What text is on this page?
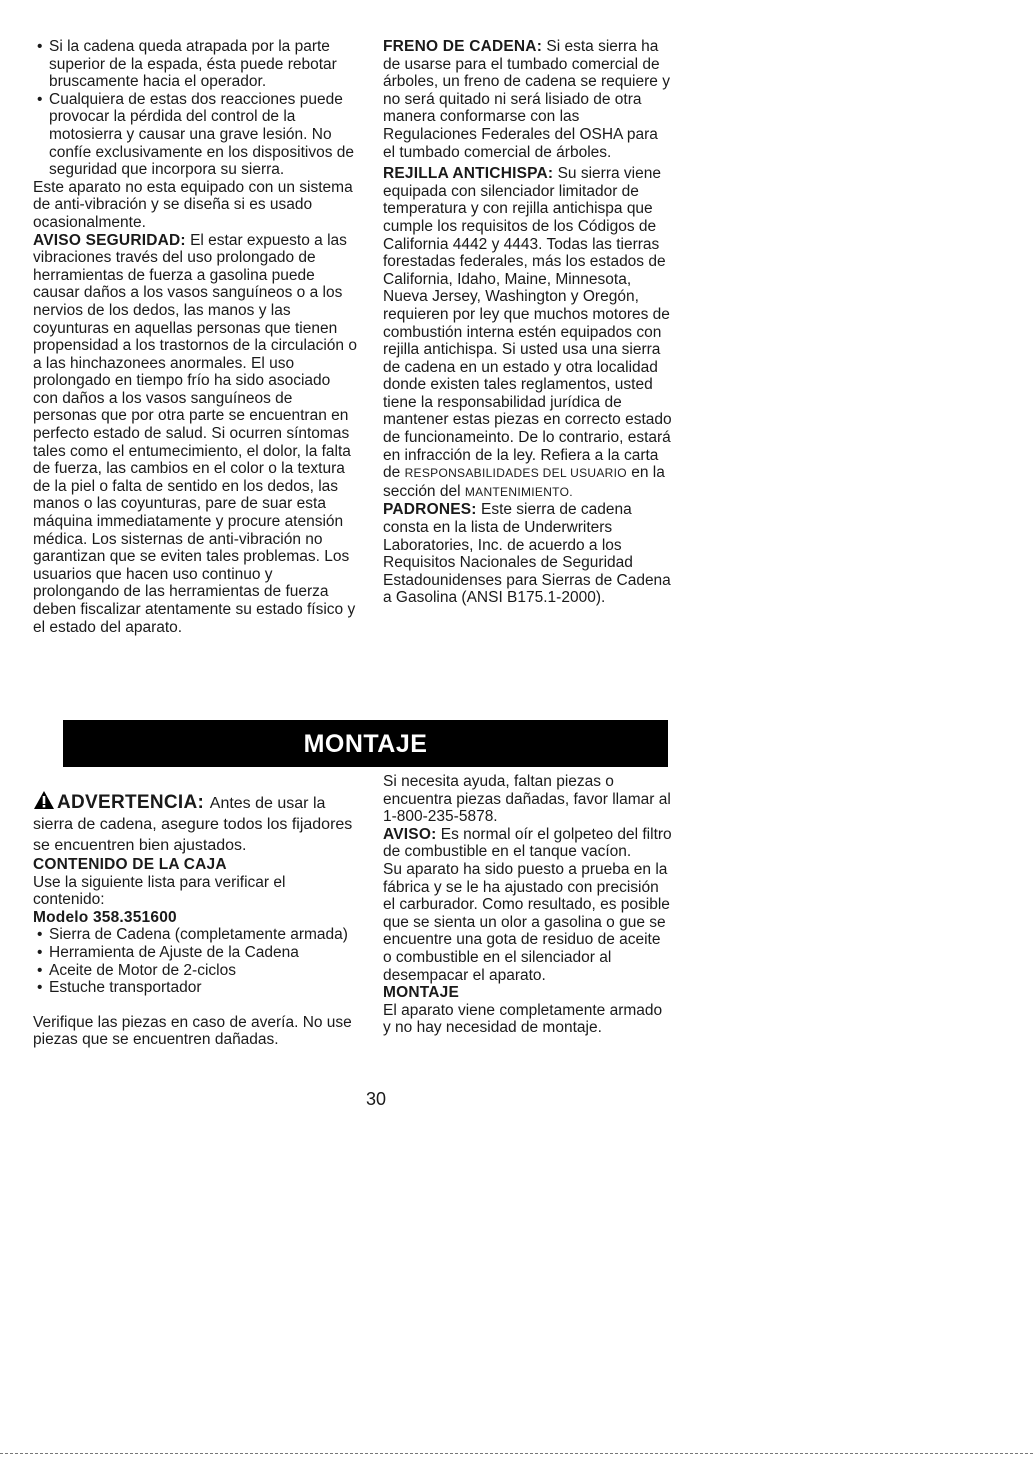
• Si la cadena queda atrapada por la parte superior de la espada, ésta puede rebotar bruscamente hacia el operador.

• Cualquiera de estas dos reacciones puede provocar la pérdida del control de la motosierra y causar una grave lesión. No confíe exclusivamente en los dispositivos de seguridad que incorpora su sierra.

Este aparato no esta equipado con un sistema de anti-vibración y se diseña si es usado ocasionalmente.

AVISO SEGURIDAD: El estar expuesto a las vibraciones través del uso prolongado de herramientas de fuerza a gasolina puede causar daños a los vasos sanguíneos o a los nervios de los dedos, las manos y las coyunturas en aquellas personas que tienen propensidad a los trastornos de la circulación o a las hinchazonees anormales. El uso prolongado en tiempo frío ha sido asociado con daños a los vasos sanguíneos de personas que por otra parte se encuentran en perfecto estado de salud. Si ocurren síntomas tales como el entumecimiento, el dolor, la falta de fuerza, las cambios en el color o la textura de la piel o falta de sentido en los dedos, las manos o las coyunturas, pare de suar esta máquina immediatamente y procure atensión médica. Los sisternas de anti-vibración no garantizan que se eviten tales problemas. Los usuarios que hacen uso continuo y prolongando de las herramientas de fuerza deben fiscalizar atentamente su estado físico y el estado del aparato.

FRENO DE CADENA: Si esta sierra ha de usarse para el tumbado comercial de árboles, un freno de cadena se requiere y no será quitado ni será lisiado de otra manera conformarse con las Regulaciones Federales del OSHA para el tumbado comercial de árboles.

REJILLA ANTICHISPA: Su sierra viene equipada con silenciador limitador de temperatura y con rejilla antichispa que cumple los requisitos de los Códigos de California 4442 y 4443. Todas las tierras forestadas federales, más los estados de California, Idaho, Maine, Minnesota, Nueva Jersey, Washington y Oregón, requieren por ley que muchos motores de combustión interna estén equipados con rejilla antichispa. Si usted usa una sierra de cadena en un estado y otra localidad donde existen tales reglamentos, usted tiene la responsabilidad jurídica de mantener estas piezas en correcto estado de funcionameinto. De lo contrario, estará en infracción de la ley. Refiera a la carta de RESPONSABILIDADES DEL USUARIO en la sección del MANTENIMIENTO.

PADRONES: Este sierra de cadena consta en la lista de Underwriters Laboratories, Inc. de acuerdo a los Requisitos Nacionales de Seguridad Estadounidenses para Sierras de Cadena a Gasolina (ANSI B175.1-2000).

MONTAJE

ADVERTENCIA: Antes de usar la sierra de cadena, asegure todos los fijadores se encuentren bien ajustados.

CONTENIDO DE LA CAJA

Use la siguiente lista para verificar el contenido:

Modelo 358.351600

• Sierra de Cadena (completamente armada)

• Herramienta de Ajuste de la Cadena

• Aceite de Motor de 2-ciclos

• Estuche transportador

Verifique las piezas en caso de avería. No use piezas que se encuentren dañadas.

Si necesita ayuda, faltan piezas o encuentra piezas dañadas, favor llamar al 1-800-235-5878.

AVISO: Es normal oír el golpeteo del filtro de combustible en el tanque vacíon.

Su aparato ha sido puesto a prueba en la fábrica y se le ha ajustado con precisión el carburador. Como resultado, es posible que se sienta un olor a gasolina o gue se encuentre una gota de residuo de aceite o combustible en el silenciador al desempacar el aparato.

MONTAJE

El aparato viene completamente armado y no hay necesidad de montaje.

30
